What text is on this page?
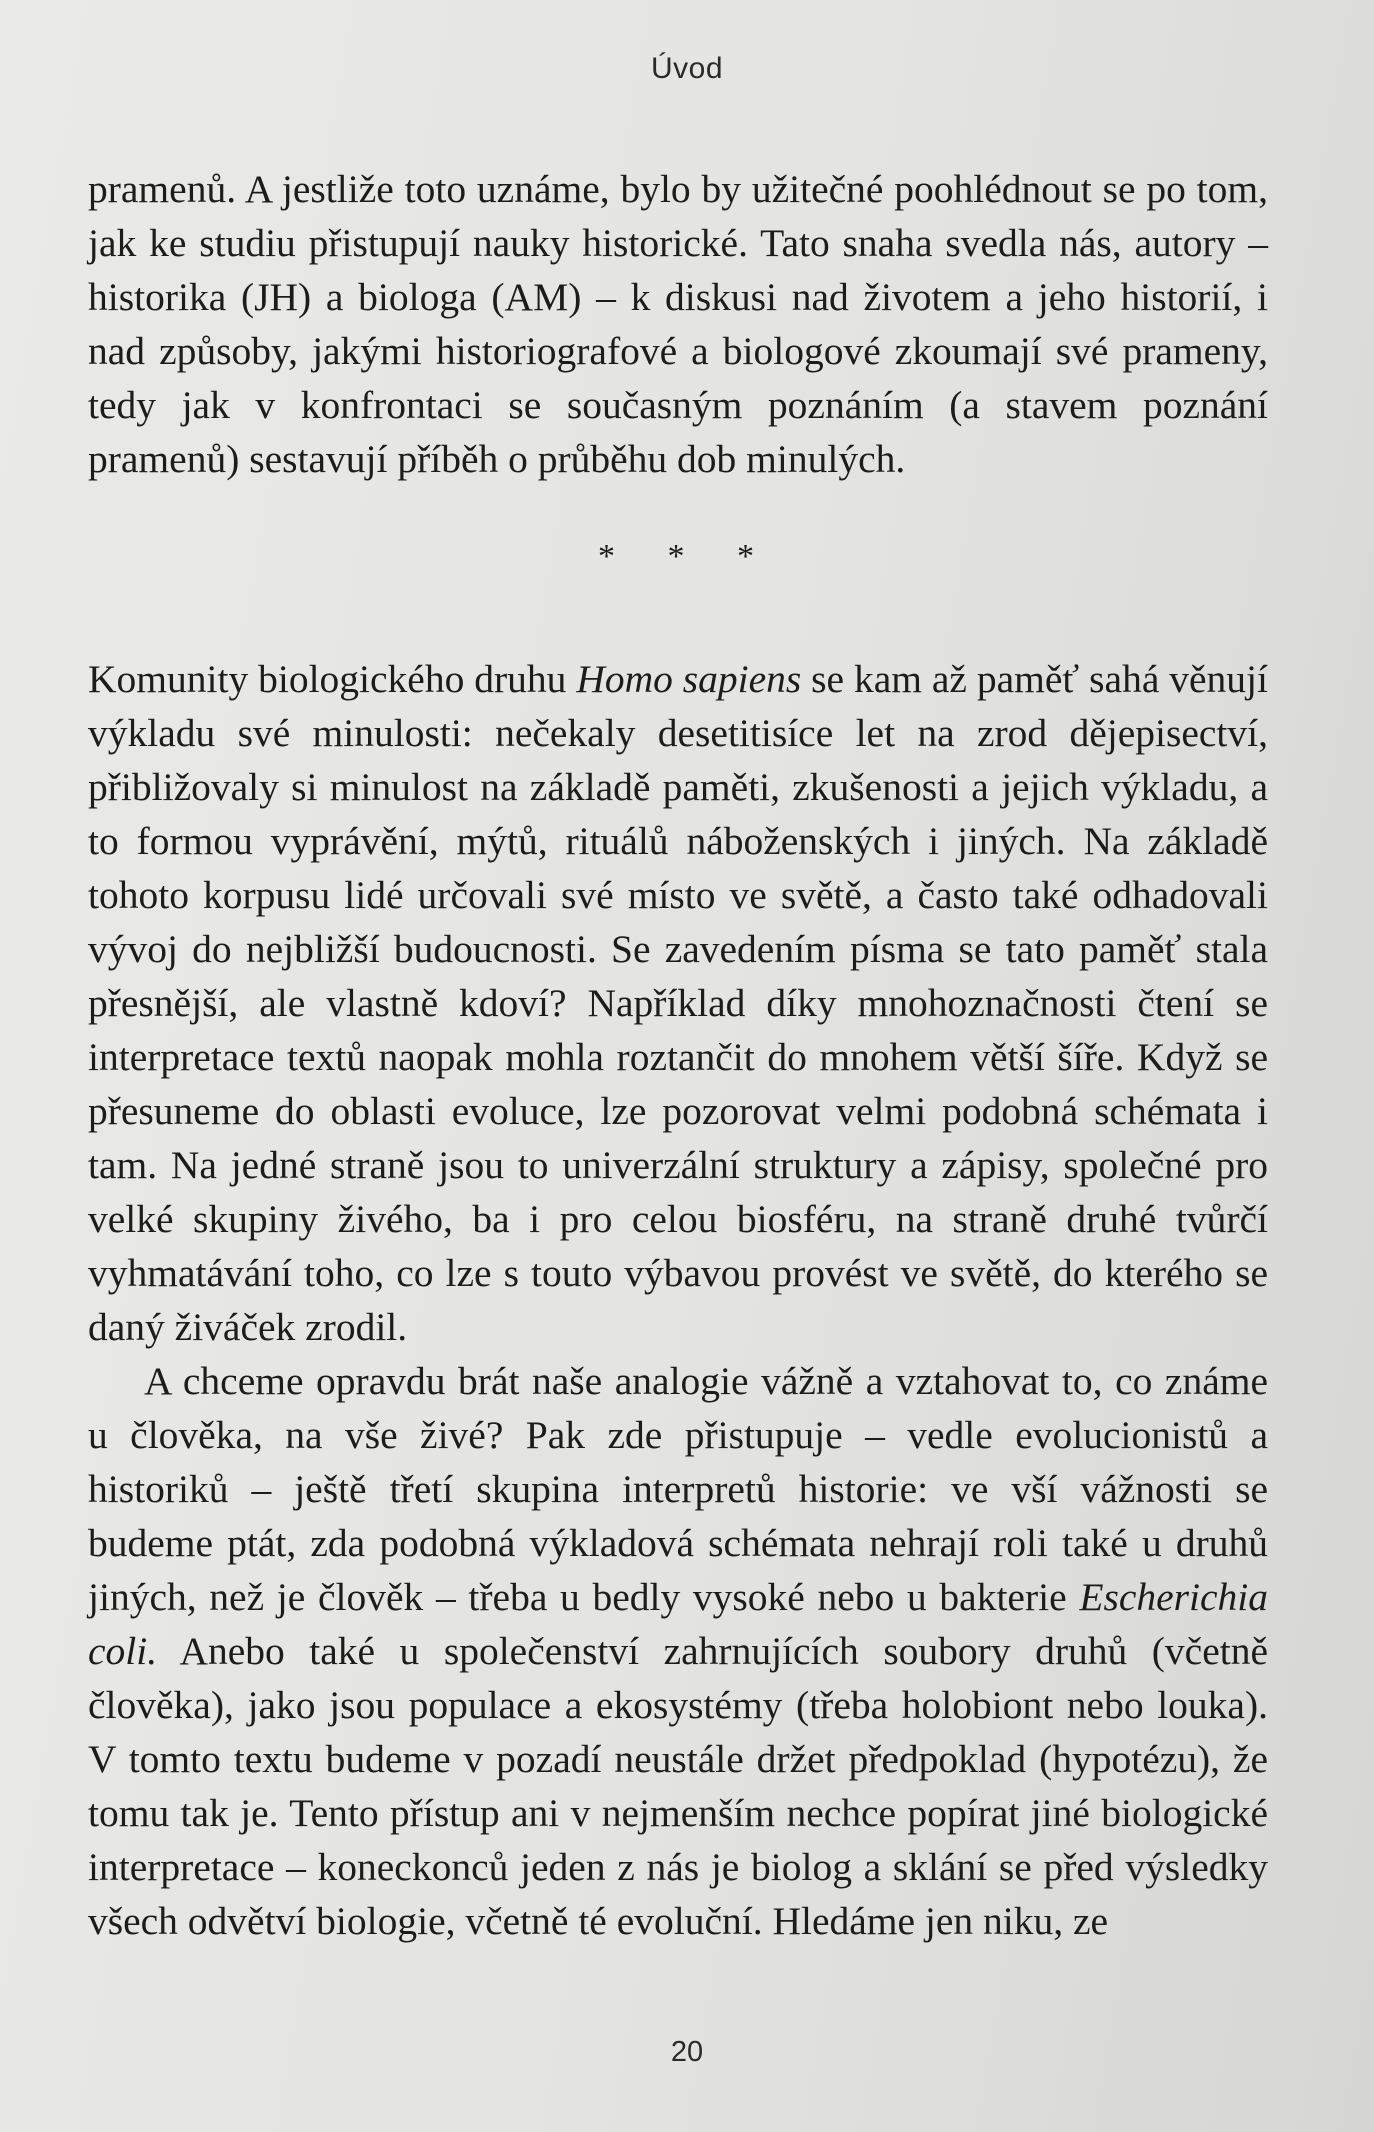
Úvod

pramenů. A jestliže toto uznáme, bylo by užitečné poohlédnout se po tom, jak ke studiu přistupují nauky historické. Tato snaha svedla nás, autory – historika (JH) a biologa (AM) – k diskusi nad životem a jeho historií, i nad způsoby, jakými historiografové a biologové zkoumají své prameny, tedy jak v konfrontaci se současným poznáním (a stavem poznání pramenů) sestavují příběh o průběhu dob minulých.

* * *

Komunity biologického druhu Homo sapiens se kam až paměť sahá věnují výkladu své minulosti: nečekaly desetitisíce let na zrod dějepisectví, přibližovaly si minulost na základě paměti, zkušenosti a jejich výkladu, a to formou vyprávění, mýtů, rituálů náboženských i jiných. Na základě tohoto korpusu lidé určovali své místo ve světě, a často také odhadovali vývoj do nejbližší budoucnosti. Se zavedením písma se tato paměť stala přesnější, ale vlastně kdoví? Například díky mnohoznačnosti čtení se interpretace textů naopak mohla roztančit do mnohem větší šíře. Když se přesuneme do oblasti evoluce, lze pozorovat velmi podobná schémata i tam. Na jedné straně jsou to univerzální struktury a zápisy, společné pro velké skupiny živého, ba i pro celou biosféru, na straně druhé tvůrčí vyhmatávání toho, co lze s touto výbavou provést ve světě, do kterého se daný živáček zrodil.

A chceme opravdu brát naše analogie vážně a vztahovat to, co známe u člověka, na vše živé? Pak zde přistupuje – vedle evolucionistů a historiků – ještě třetí skupina interpretů historie: ve vší vážnosti se budeme ptát, zda podobná výkladová schémata nehrají roli také u druhů jiných, než je člověk – třeba u bedly vysoké nebo u bakterie Escherichia coli. Anebo také u společenství zahrnujících soubory druhů (včetně člověka), jako jsou populace a ekosystémy (třeba holobiont nebo louka). V tomto textu budeme v pozadí neustále držet předpoklad (hypotézu), že tomu tak je. Tento přístup ani v nejmenším nechce popírat jiné biologické interpretace – koneckonců jeden z nás je biolog a sklání se před výsledky všech odvětví biologie, včetně té evoluční. Hledáme jen niku, ze

20
